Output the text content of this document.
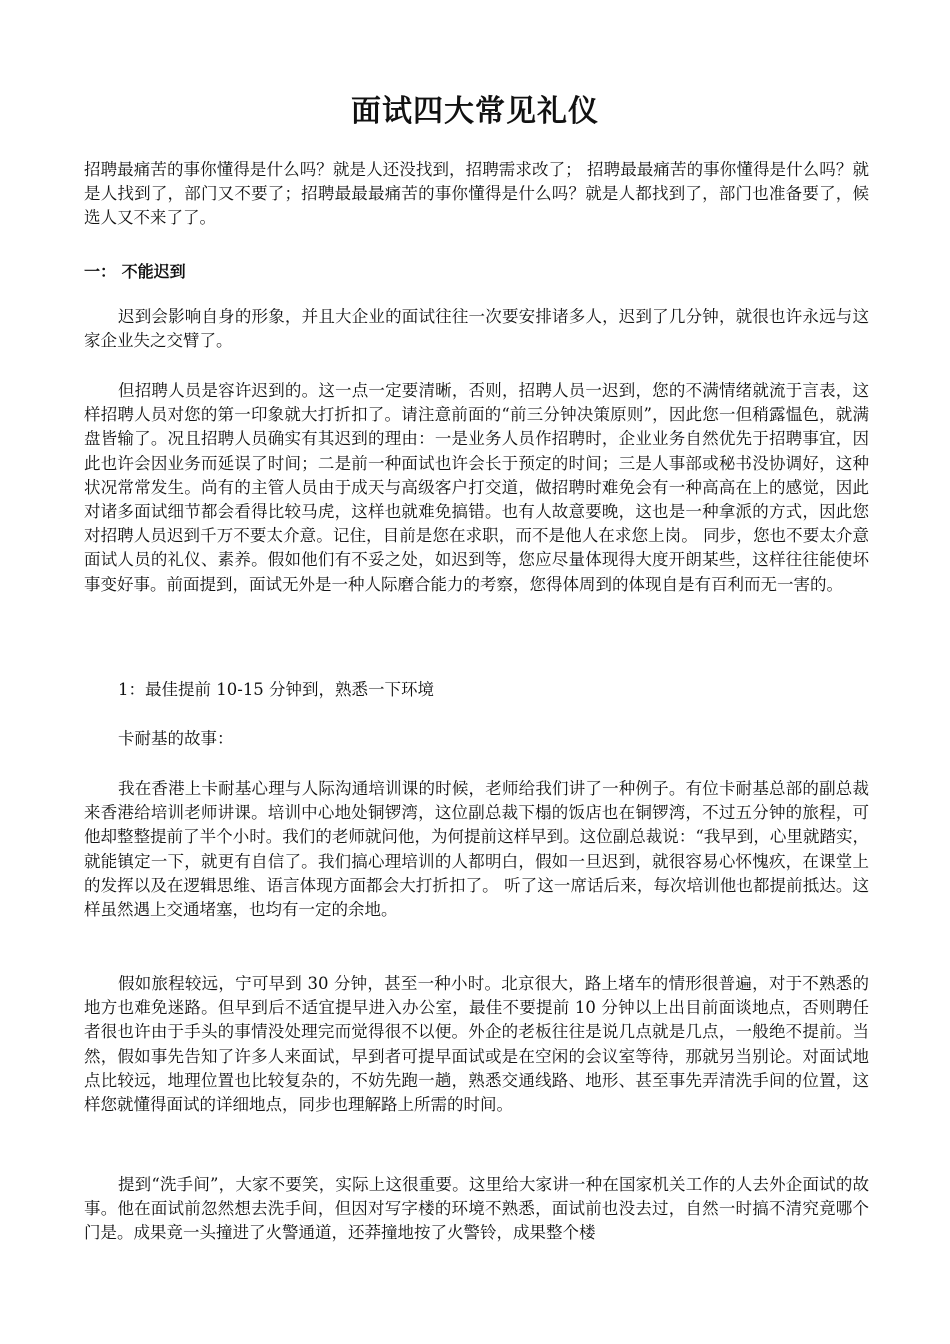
面试四大常见礼仪

招聘最痛苦的事你懂得是什么吗？就是人还没找到，招聘需求改了； 招聘最最痛苦的事你懂得是什么吗？就是人找到了，部门又不要了；招聘最最最痛苦的事你懂得是什么吗？就是人都找到了，部门也准备要了，候选人又不来了了。

一： 不能迟到

迟到会影响自身的形象，并且大企业的面试往往一次要安排诸多人，迟到了几分钟，就很也许永远与这家企业失之交臂了。

但招聘人员是容许迟到的。这一点一定要清晰，否则，招聘人员一迟到，您的不满情绪就流于言表，这样招聘人员对您的第一印象就大打折扣了。请注意前面的“前三分钟决策原则”，因此您一但稍露愠色，就满盘皆输了。况且招聘人员确实有其迟到的理由：一是业务人员作招聘时，企业业务自然优先于招聘事宜，因此也许会因业务而延误了时间；二是前一种面试也许会长于预定的时间；三是人事部或秘书没协调好，这种状况常常发生。尚有的主管人员由于成天与高级客户打交道，做招聘时难免会有一种高高在上的感觉，因此对诸多面试细节都会看得比较马虎，这样也就难免搞错。也有人故意要晚，这也是一种拿派的方式，因此您对招聘人员迟到千万不要太介意。记住，目前是您在求职，而不是他人在求您上岗。 同步，您也不要太介意面试人员的礼仪、素养。假如他们有不妥之处，如迟到等，您应尽量体现得大度开朗某些，这样往往能使坏事变好事。前面提到，面试无外是一种人际磨合能力的考察，您得体周到的体现自是有百利而无一害的。

1：最佳提前 10-15 分钟到，熟悉一下环境

卡耐基的故事：

我在香港上卡耐基心理与人际沟通培训课的时候，老师给我们讲了一种例子。有位卡耐基总部的副总裁来香港给培训老师讲课。培训中心地处铜锣湾，这位副总裁下榻的饭店也在铜锣湾，不过五分钟的旅程，可他却整整提前了半个小时。我们的老师就问他，为何提前这样早到。这位副总裁说：“我早到，心里就踏实，就能镇定一下，就更有自信了。我们搞心理培训的人都明白，假如一旦迟到，就很容易心怀愧疚，在课堂上的发挥以及在逻辑思维、语言体现方面都会大打折扣了。 听了这一席话后来，每次培训他也都提前抵达。这样虽然遇上交通堵塞，也均有一定的余地。

假如旅程较远，宁可早到 30 分钟，甚至一种小时。北京很大，路上堵车的情形很普遍，对于不熟悉的地方也难免迷路。但早到后不适宜提早进入办公室，最佳不要提前 10 分钟以上出目前面谈地点，否则聘任者很也许由于手头的事情没处理完而觉得很不以便。外企的老板往往是说几点就是几点，一般绝不提前。当然，假如事先告知了许多人来面试，早到者可提早面试或是在空闲的会议室等待，那就另当别论。对面试地点比较远，地理位置也比较复杂的，不妨先跑一趟，熟悉交通线路、地形、甚至事先弄清洗手间的位置，这样您就懂得面试的详细地点，同步也理解路上所需的时间。

提到“洗手间”，大家不要笑，实际上这很重要。这里给大家讲一种在国家机关工作的人去外企面试的故事。他在面试前忽然想去洗手间，但因对写字楼的环境不熟悉，面试前也没去过，自然一时搞不清究竟哪个门是。成果竟一头撞进了火警通道，还莽撞地按了火警铃，成果整个楼
